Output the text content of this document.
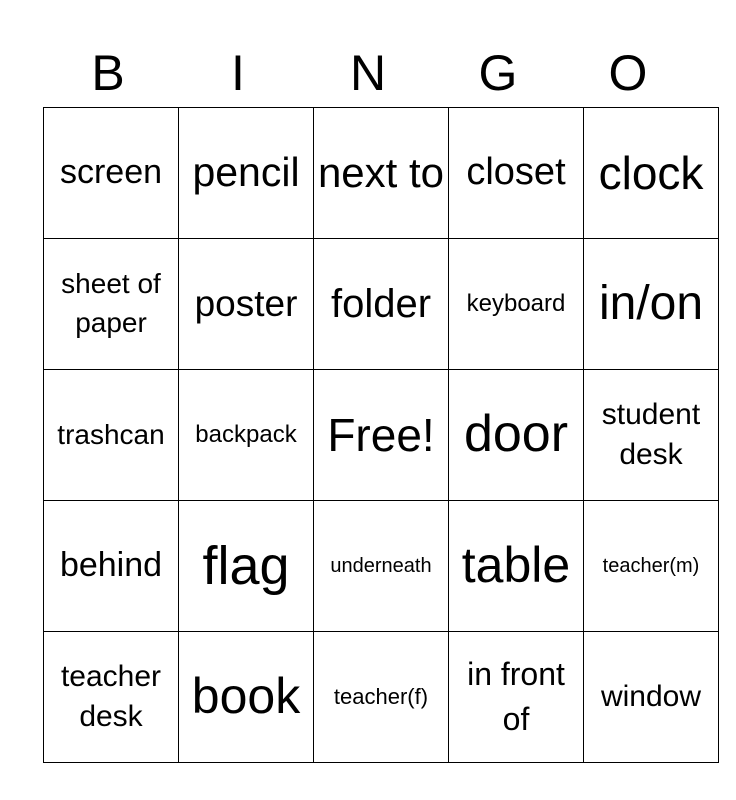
B	I	N	G	O
screen	pencil	next to	closet	clock

sheet of paper	poster	folder	keyboard	in/on

trashcan	backpack	Free!	door	student desk

behind	flag	underneath	table	teacher(m)

teacher desk	book	teacher(f)	in front of	window
